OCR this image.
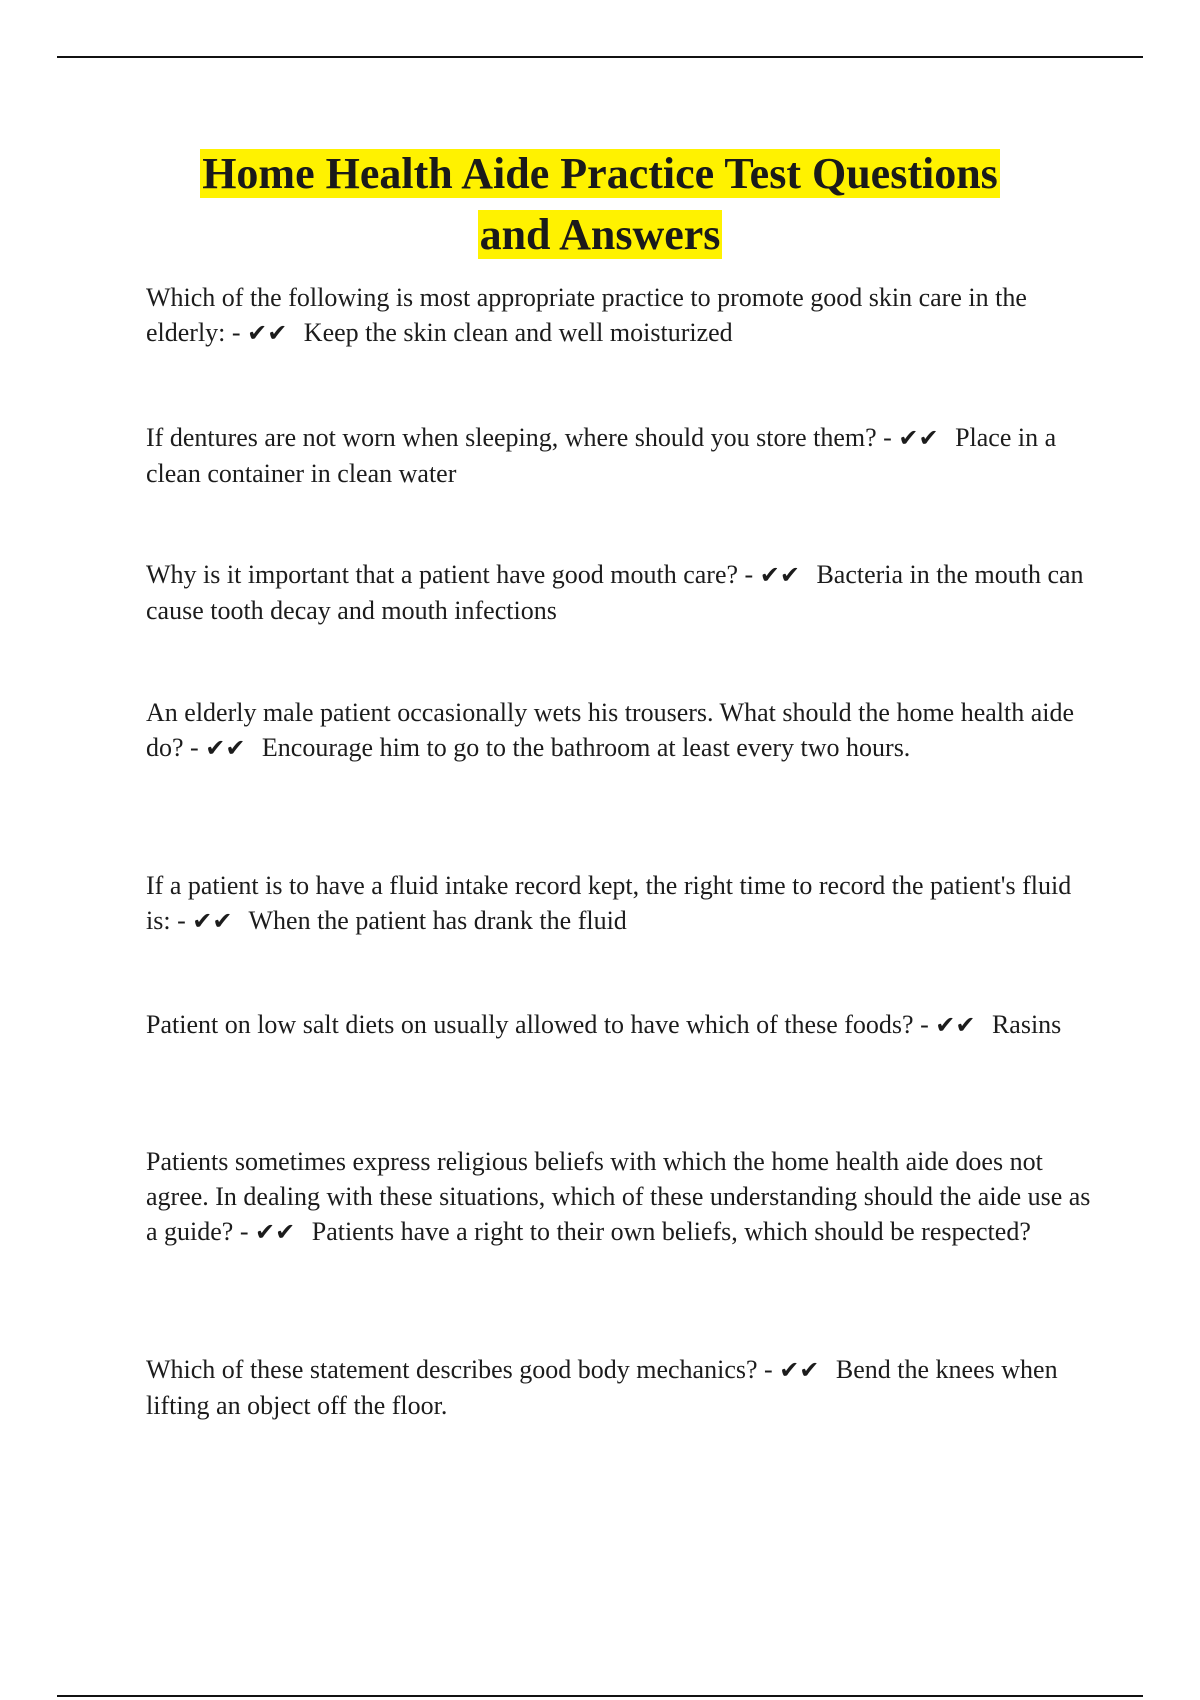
Home Health Aide Practice Test Questions
and Answers

Which of the following is most appropriate practice to promote good skin care in the elderly: - ✔✔ Keep the skin clean and well moisturized

If dentures are not worn when sleeping, where should you store them? - ✔✔ Place in a clean container in clean water

Why is it important that a patient have good mouth care? - ✔✔ Bacteria in the mouth can cause tooth decay and mouth infections

An elderly male patient occasionally wets his trousers. What should the home health aide do? - ✔✔ Encourage him to go to the bathroom at least every two hours.

If a patient is to have a fluid intake record kept, the right time to record the patient's fluid is: - ✔✔ When the patient has drank the fluid

Patient on low salt diets on usually allowed to have which of these foods? - ✔✔ Rasins

Patients sometimes express religious beliefs with which the home health aide does not agree. In dealing with these situations, which of these understanding should the aide use as a guide? - ✔✔ Patients have a right to their own beliefs, which should be respected?

Which of these statement describes good body mechanics? - ✔✔ Bend the knees when lifting an object off the floor.
